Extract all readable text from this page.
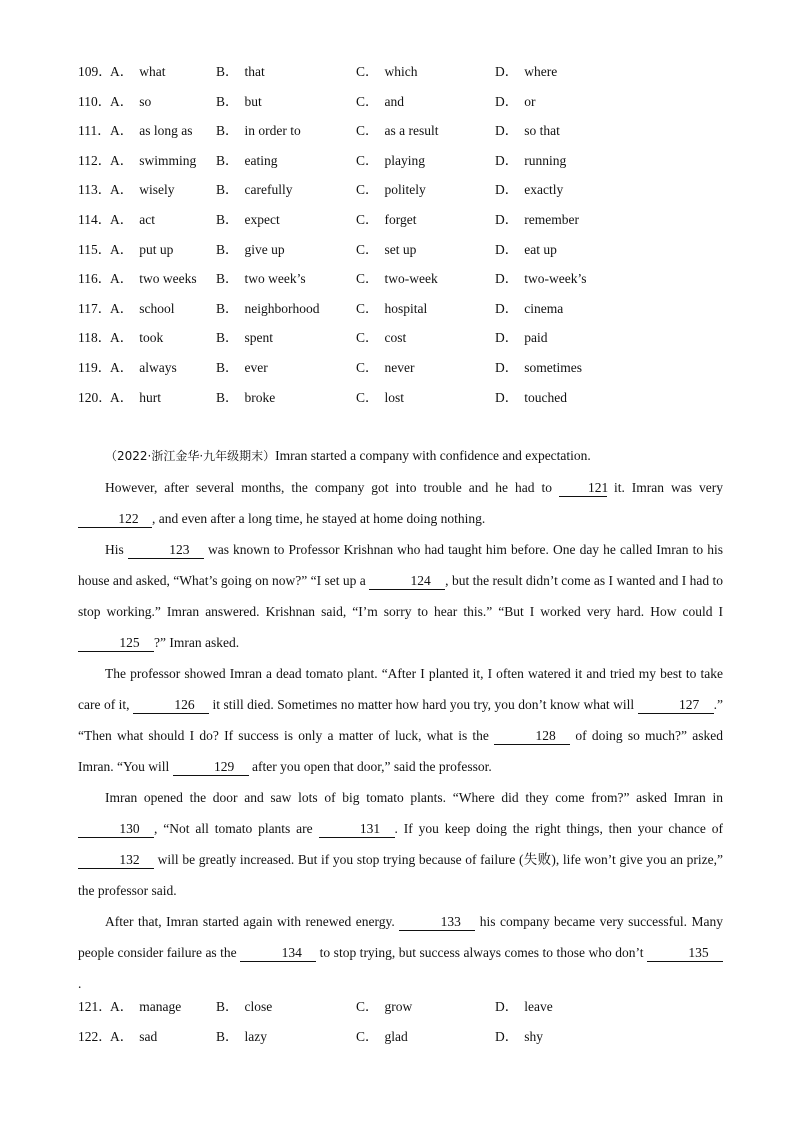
109．
A． what	B． that	C． which	D． where
110．
A． so	B． but	C． and	D． or
111． A． as long as B． in order to	C． as a result	D． so that
112．
A． swimming B． eating	C． playing	D． running
113．
A． wisely	B． carefully	C． politely	D． exactly
114．
A． act	B． expect	C． forget	D． remember
115．
A． put up	B． give up	C． set up	D． eat up
116．
A． two weeks B． two week’s	C． two-week	D． two-week’s
117．
A． school	B． neighborhood	C． hospital	D． cinema
118．
A． took	B． spent	C． cost	D． paid
119．
A． always	B． ever	C． never	D． sometimes
120．
A． hurt	B． broke	C． lost	D． touched

（2022·浙江金华·九年级期末）Imran started a company with confidence and expectation.

However, after several months, the company got into trouble and he had to 121 it. Imran was very 122 , and even after a long time, he stayed at home doing nothing.

His	123 was known to Professor Krishnan who had taught him before. One day he called Imran to his house and asked, “What’s going on now?” “I set up a	124 , but the result didn’t come as I wanted and I had to stop working.” Imran answered. Krishnan said, “I’m sorry to hear this.” “But I worked very hard. How could I 125 ?” Imran asked.

The professor showed Imran a dead tomato plant. “After I planted it, I often watered it and tried my best to take care of it,	126 it still died. Sometimes no matter how hard you try, you don’t know what will	127 .” “Then what should I do? If success is only a matter of luck, what is the	128 of doing so much?” asked Imran. “You will	129 after you open that door,” said the professor.

Imran opened the door and saw lots of big tomato plants. “Where did they come from?” asked Imran in 130 , “Not all tomato plants are	131 . If you keep doing the right things, then your chance of 132 will be greatly increased. But if you stop trying because of failure (失败), life won’t give you an prize,” the professor said.

After that, Imran started again with renewed energy.	133 his company became very successful. Many people consider failure as the	134 to stop trying, but success always comes to those who don’t	135.

121．
A． manage	B． close	C． grow	D． leave
122．
A． sad	B． lazy	C． glad	D． shy
